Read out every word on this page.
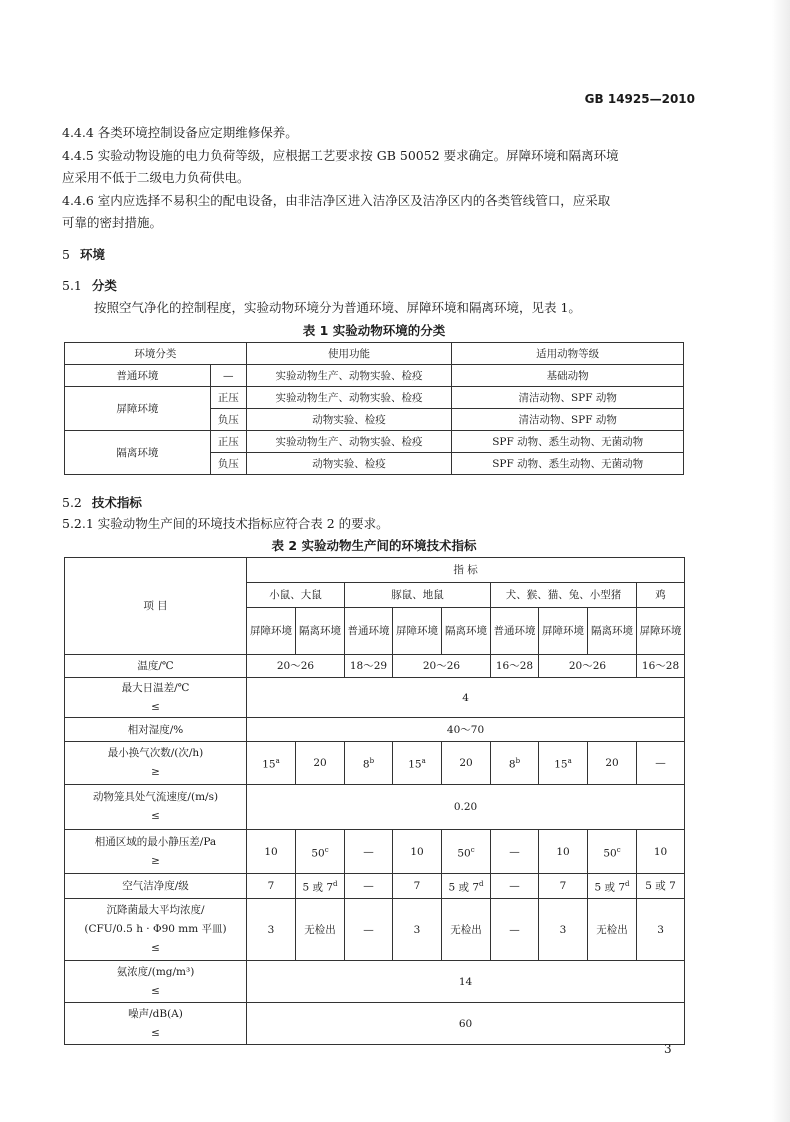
GB 14925—2010
4.4.4 各类环境控制设备应定期维修保养。
4.4.5 实验动物设施的电力负荷等级，应根据工艺要求按 GB 50052 要求确定。屏障环境和隔离环境
应采用不低于二级电力负荷供电。
4.4.6 室内应选择不易积尘的配电设备，由非洁净区进入洁净区及洁净区内的各类管线管口，应采取
可靠的密封措施。
5 环境
5.1 分类
按照空气净化的控制程度，实验动物环境分为普通环境、屏障环境和隔离环境，见表 1。
表 1 实验动物环境的分类
环境分类		使用功能	适用动物等级
普通环境	—	实验动物生产、动物实验、检疫	基础动物
屏障环境	正压	实验动物生产、动物实验、检疫	清洁动物、SPF 动物
	负压	动物实验、检疫	清洁动物、SPF 动物
隔离环境	正压	实验动物生产、动物实验、检疫	SPF 动物、悉生动物、无菌动物
	负压	动物实验、检疫	SPF 动物、悉生动物、无菌动物
5.2 技术指标
5.2.1 实验动物生产间的环境技术指标应符合表 2 的要求。
表 2 实验动物生产间的环境技术指标
项 目	指 标								
	小鼠、大鼠		豚鼠、地鼠			犬、猴、猫、兔、小型猪			鸡
	屏障环境	隔离环境	普通环境	屏障环境	隔离环境	普通环境	屏障环境	隔离环境	屏障环境
温度/℃	20～26		18～29	20～26		16～28	20～26		16～28

最大日温差/℃
≤	4								
相对湿度/%	40～70								

最小换气次数/(次/h)
≥	$15^a$	20	8$^b$	15$^a$	20	8$^b$	15$^a$	20	—

动物笼具处气流速度/(m/s)
≤	0.20								

相通区域的最小静压差/Pa
≥	10	50$^c$	—	10	50$^c$	—	10	50$^c$	10
空气洁净度/级	7	5 或 7$^d$	—	7	5 或 7$^d$	—	7	5 或 7$^d$	5 或 7

沉降菌最大平均浓度/
(CFU/0.5 h · Φ90 mm 平皿)
≤	3	无检出	—	3	无检出	—	3	无检出	3

氨浓度/(mg/m³)
≤	14								

噪声/dB(A)
≤	60								
3
